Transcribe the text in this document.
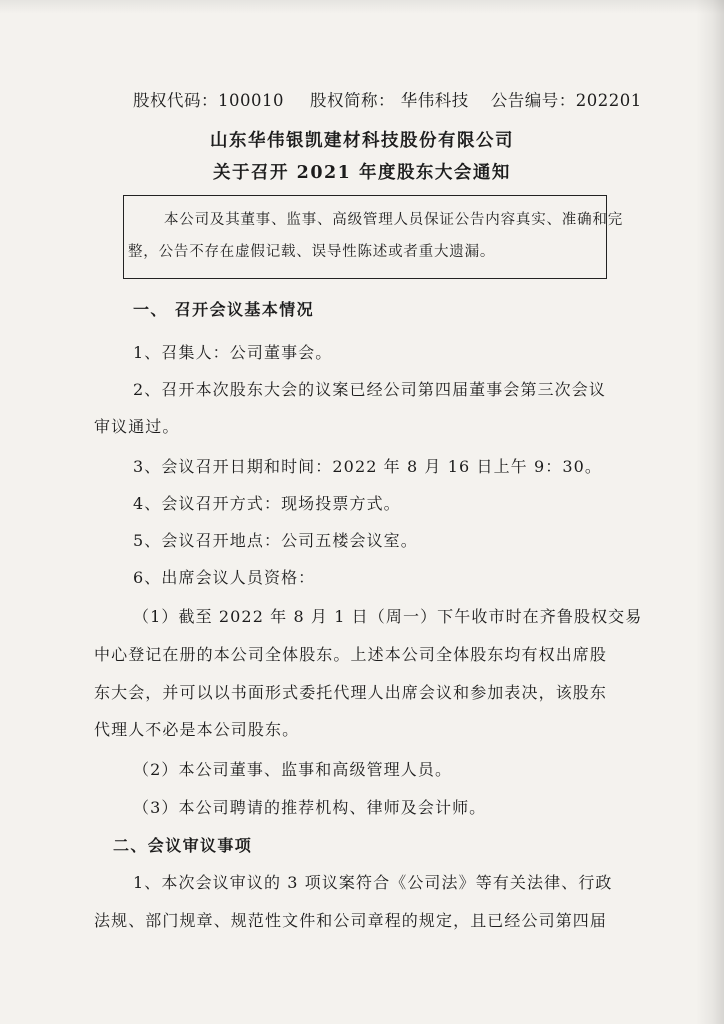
股权代码：100010 股权简称： 华伟科技 公告编号：202201
山东华伟银凯建材科技股份有限公司
关于召开 2021 年度股东大会通知
本公司及其董事、监事、高级管理人员保证公告内容真实、准确和完
整，公告不存在虚假记载、误导性陈述或者重大遗漏。
一、 召开会议基本情况
1、召集人：公司董事会。
2、召开本次股东大会的议案已经公司第四届董事会第三次会议
审议通过。
3、会议召开日期和时间：2022 年 8 月 16 日上午 9：30。
4、会议召开方式：现场投票方式。
5、会议召开地点：公司五楼会议室。
6、出席会议人员资格：
（1）截至 2022 年 8 月 1 日（周一）下午收市时在齐鲁股权交易
中心登记在册的本公司全体股东。上述本公司全体股东均有权出席股
东大会，并可以以书面形式委托代理人出席会议和参加表决，该股东
代理人不必是本公司股东。
（2）本公司董事、监事和高级管理人员。
（3）本公司聘请的推荐机构、律师及会计师。
二、会议审议事项
1、本次会议审议的 3 项议案符合《公司法》等有关法律、行政
法规、部门规章、规范性文件和公司章程的规定，且已经公司第四届
